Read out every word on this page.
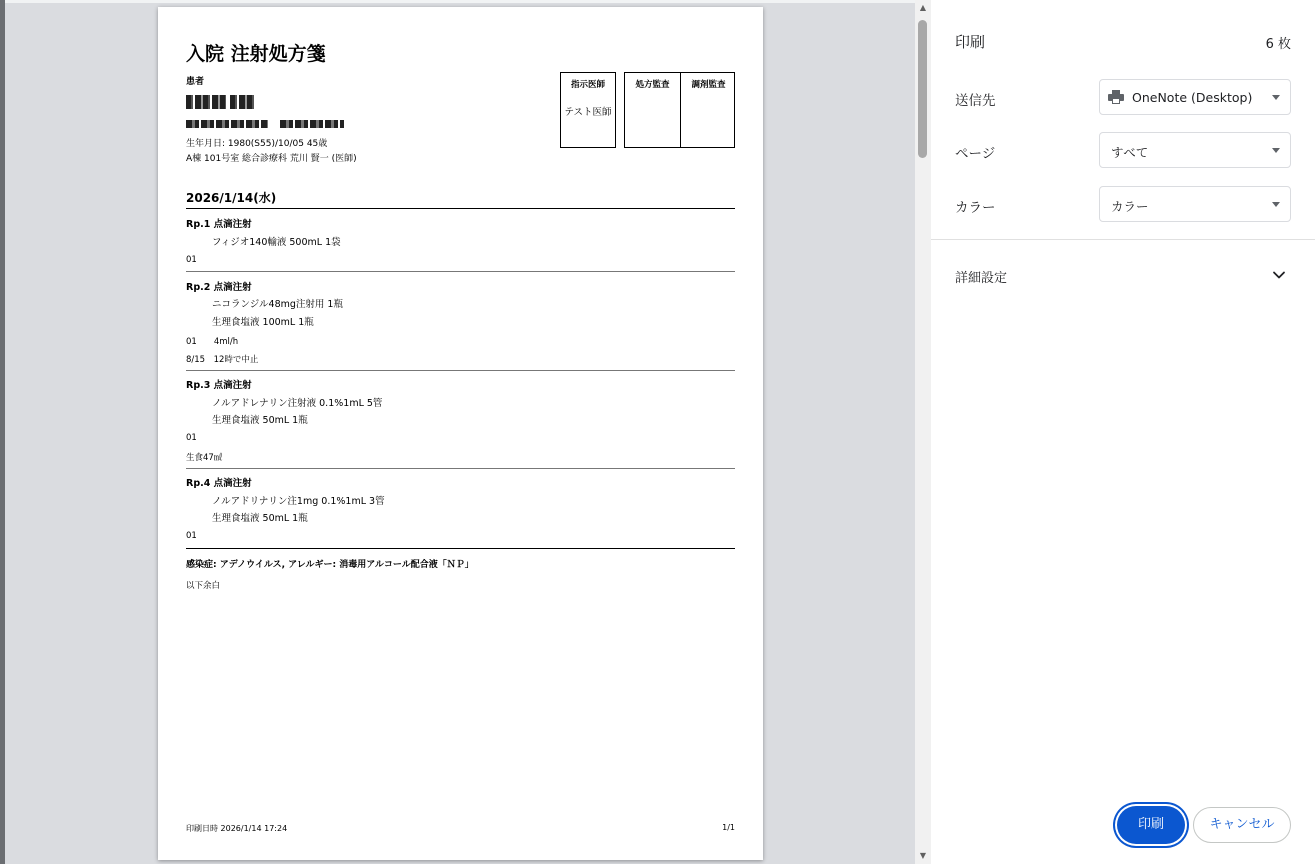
入院 注射処方箋
患者
生年月日: 1980(S55)/10/05 45歳
A棟 101号室 総合診療科 荒川 賢一 (医師)
指示医師
テスト医師
処方監査	調剤監査
2026/1/14(水)
Rp.1 点滴注射
フィジオ140輸液 500mL 1袋
01
Rp.2 点滴注射
ニコランジル48mg注射用 1瓶
生理食塩液 100mL 1瓶
01　　4ml/h
8/15　12時で中止
Rp.3 点滴注射
ノルアドレナリン注射液 0.1%1mL 5管
生理食塩液 50mL 1瓶
01
生食47㎖
Rp.4 点滴注射
ノルアドリナリン注1mg 0.1%1mL 3管
生理食塩液 50mL 1瓶
01
感染症: アデノウイルス, アレルギー: 消毒用アルコール配合液「ＮＰ」
以下余白
印刷日時 2026/1/14 17:24	1/1
▲
▼
印刷	6 枚
送信先	OneNote (Desktop)
ページ	すべて
カラー	カラー
詳細設定
印刷	キャンセル
